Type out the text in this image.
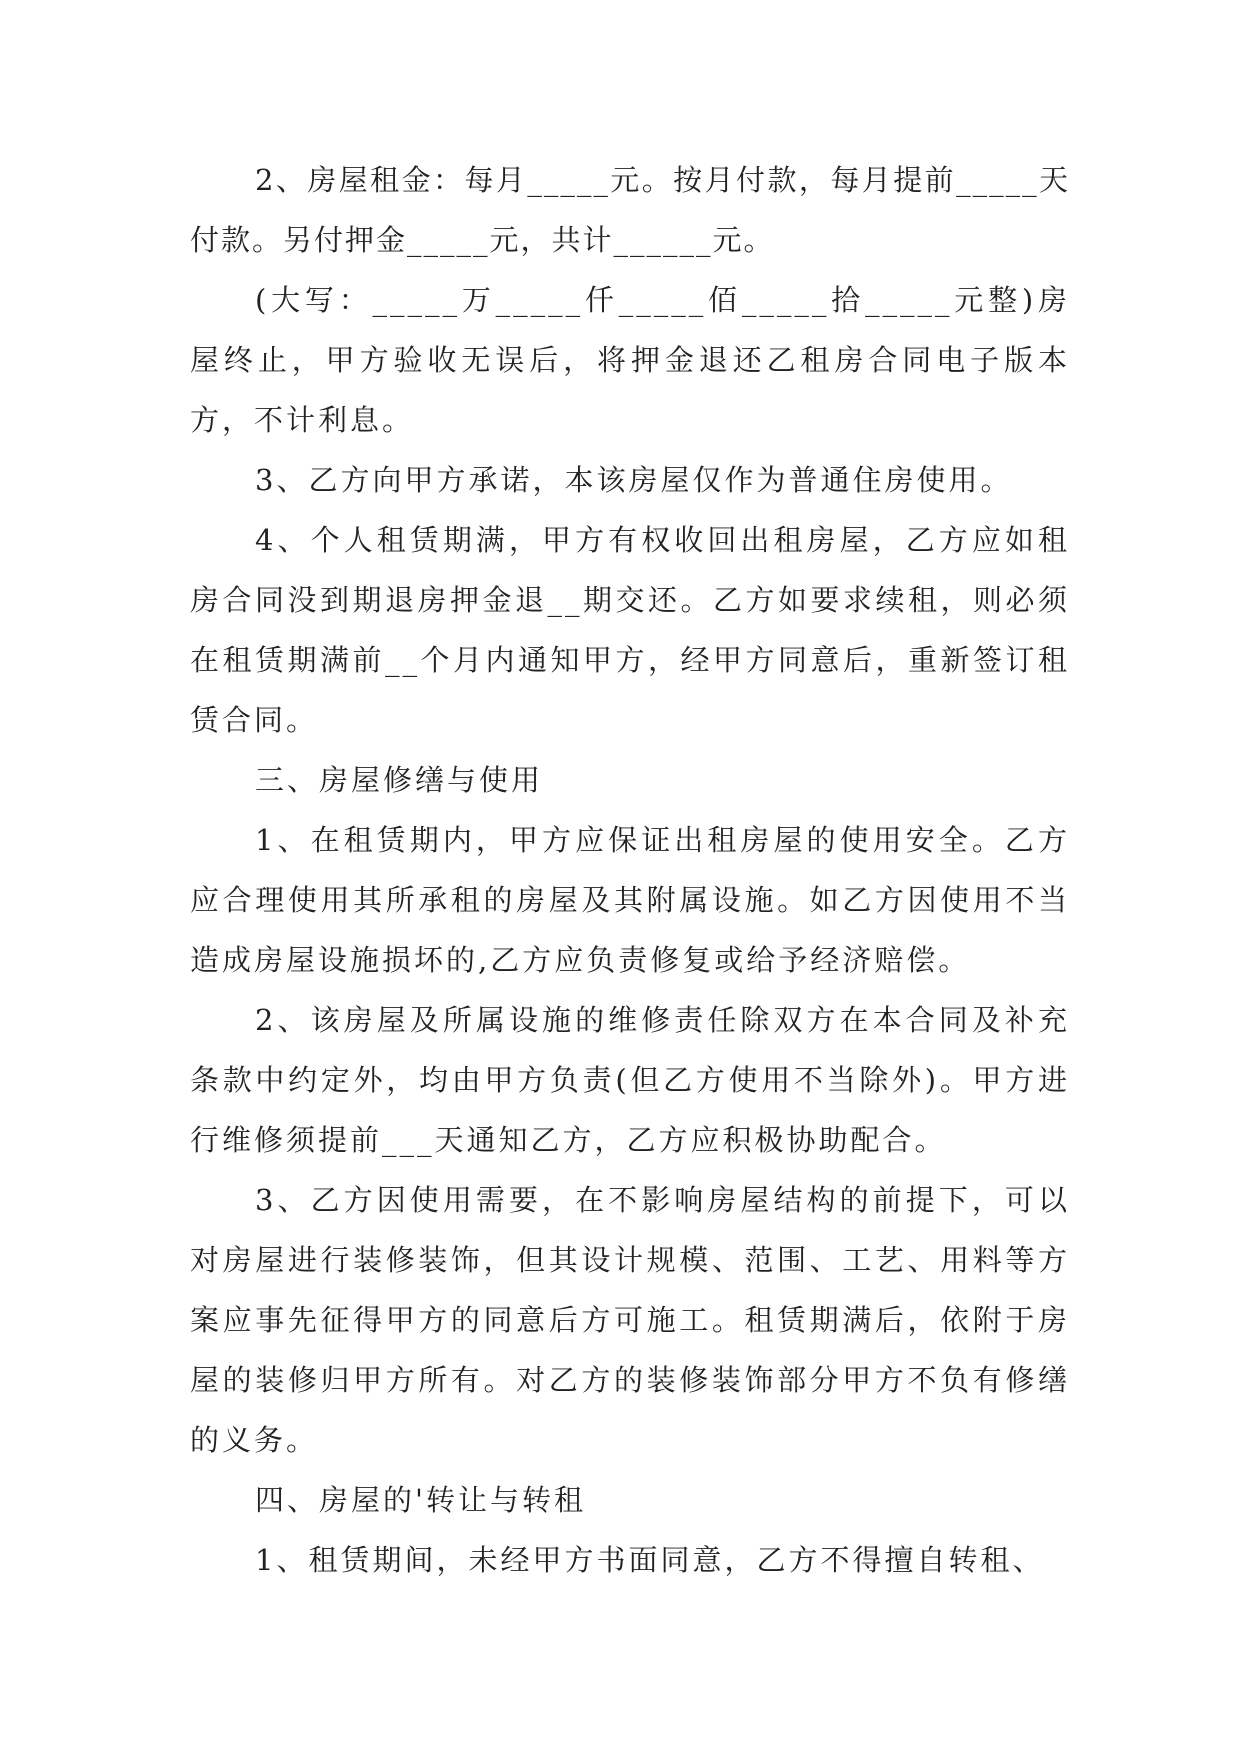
2、房屋租金：每月_____元。按月付款，每月提前_____天付款。另付押金_____元，共计______元。

(大写：_____万_____仟_____佰_____拾_____元整)房屋终止，甲方验收无误后，将押金退还乙租房合同电子版本方，不计利息。

3、乙方向甲方承诺，本该房屋仅作为普通住房使用。

4、个人租赁期满，甲方有权收回出租房屋，乙方应如租房合同没到期退房押金退__期交还。乙方如要求续租，则必须在租赁期满前__个月内通知甲方，经甲方同意后，重新签订租赁合同。

三、房屋修缮与使用

1、在租赁期内，甲方应保证出租房屋的使用安全。乙方应合理使用其所承租的房屋及其附属设施。如乙方因使用不当造成房屋设施损坏的,乙方应负责修复或给予经济赔偿。

2、该房屋及所属设施的维修责任除双方在本合同及补充条款中约定外，均由甲方负责(但乙方使用不当除外)。甲方进行维修须提前___天通知乙方，乙方应积极协助配合。

3、乙方因使用需要，在不影响房屋结构的前提下，可以对房屋进行装修装饰，但其设计规模、范围、工艺、用料等方案应事先征得甲方的同意后方可施工。租赁期满后，依附于房屋的装修归甲方所有。对乙方的装修装饰部分甲方不负有修缮的义务。

四、房屋的'转让与转租

1、租赁期间，未经甲方书面同意，乙方不得擅自转租、
